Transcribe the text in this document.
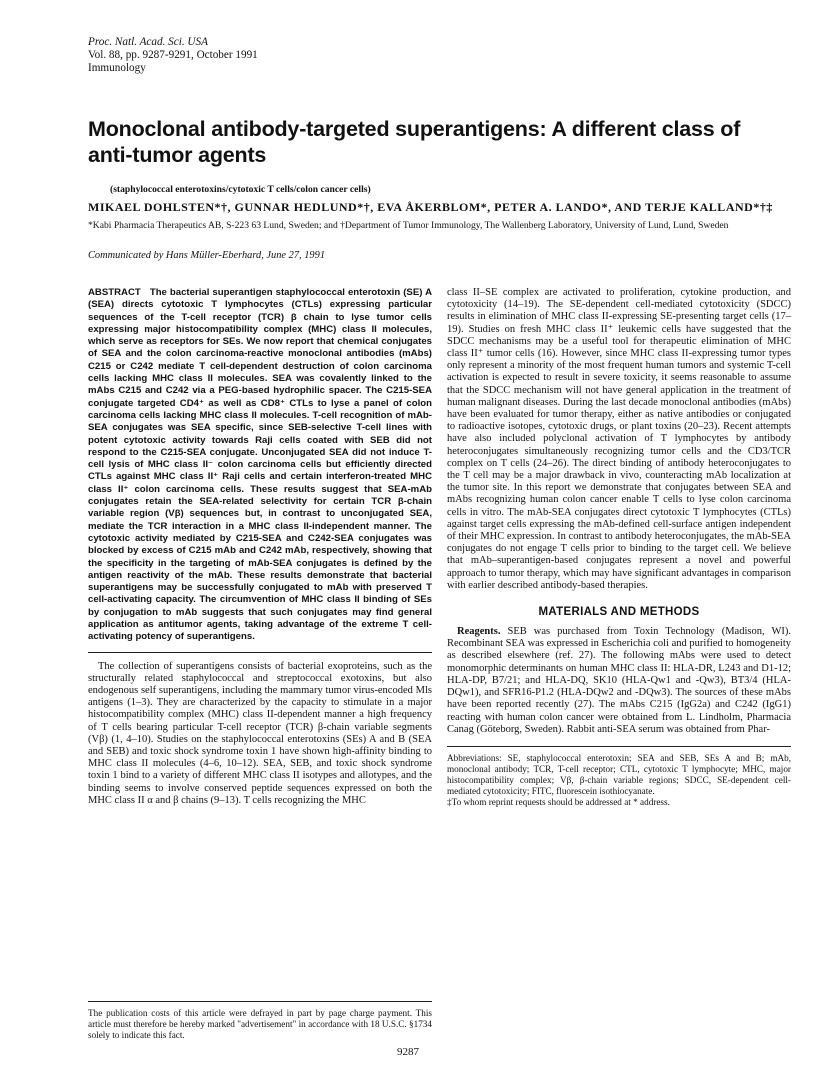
Proc. Natl. Acad. Sci. USA
Vol. 88, pp. 9287-9291, October 1991
Immunology
Monoclonal antibody-targeted superantigens: A different class of anti-tumor agents
(staphylococcal enterotoxins/cytotoxic T cells/colon cancer cells)
MIKAEL DOHLSTEN*†, GUNNAR HEDLUND*†, EVA ÅKERBLOM*, PETER A. LANDO*, AND TERJE KALLAND*†‡
*Kabi Pharmacia Therapeutics AB, S-223 63 Lund, Sweden; and †Department of Tumor Immunology, The Wallenberg Laboratory, University of Lund, Lund, Sweden
Communicated by Hans Müller-Eberhard, June 27, 1991

ABSTRACT The bacterial superantigen staphylococcal enterotoxin (SE) A (SEA) directs cytotoxic T lymphocytes (CTLs) expressing particular sequences of the T-cell receptor (TCR) β chain to lyse tumor cells expressing major histocompatibility complex (MHC) class II molecules, which serve as receptors for SEs. We now report that chemical conjugates of SEA and the colon carcinoma-reactive monoclonal antibodies (mAbs) C215 or C242 mediate T cell-dependent destruction of colon carcinoma cells lacking MHC class II molecules. SEA was covalently linked to the mAbs C215 and C242 via a PEG-based hydrophilic spacer. The C215-SEA conjugate targeted CD4⁺ as well as CD8⁺ CTLs to lyse a panel of colon carcinoma cells lacking MHC class II molecules. T-cell recognition of mAb-SEA conjugates was SEA specific, since SEB-selective T-cell lines with potent cytotoxic activity towards Raji cells coated with SEB did not respond to the C215-SEA conjugate. Unconjugated SEA did not induce T-cell lysis of MHC class II⁻ colon carcinoma cells but efficiently directed CTLs against MHC class II⁺ Raji cells and certain interferon-treated MHC class II⁺ colon carcinoma cells. These results suggest that SEA-mAb conjugates retain the SEA-related selectivity for certain TCR β-chain variable region (Vβ) sequences but, in contrast to unconjugated SEA, mediate the TCR interaction in a MHC class II-independent manner. The cytotoxic activity mediated by C215-SEA and C242-SEA conjugates was blocked by excess of C215 mAb and C242 mAb, respectively, showing that the specificity in the targeting of mAb-SEA conjugates is defined by the antigen reactivity of the mAb. These results demonstrate that bacterial superantigens may be successfully conjugated to mAb with preserved T cell-activating capacity. The circumvention of MHC class II binding of SEs by conjugation to mAb suggests that such conjugates may find general application as antitumor agents, taking advantage of the extreme T cell-activating potency of superantigens.

The collection of superantigens consists of bacterial exoproteins, such as the structurally related staphylococcal and streptococcal exotoxins, but also endogenous self superantigens, including the mammary tumor virus-encoded Mls antigens (1–3). They are characterized by the capacity to stimulate in a major histocompatibility complex (MHC) class II-dependent manner a high frequency of T cells bearing particular T-cell receptor (TCR) β-chain variable segments (Vβ) (1, 4–10). Studies on the staphylococcal enterotoxins (SEs) A and B (SEA and SEB) and toxic shock syndrome toxin 1 have shown high-affinity binding to MHC class II molecules (4–6, 10–12). SEA, SEB, and toxic shock syndrome toxin 1 bind to a variety of different MHC class II isotypes and allotypes, and the binding seems to involve conserved peptide sequences expressed on both the MHC class II α and β chains (9–13). T cells recognizing the MHC

The publication costs of this article were defrayed in part by page charge payment. This article must therefore be hereby marked "advertisement" in accordance with 18 U.S.C. §1734 solely to indicate this fact.

class II–SE complex are activated to proliferation, cytokine production, and cytotoxicity (14–19). The SE-dependent cell-mediated cytotoxicity (SDCC) results in elimination of MHC class II-expressing SE-presenting target cells (17–19). Studies on fresh MHC class II⁺ leukemic cells have suggested that the SDCC mechanisms may be a useful tool for therapeutic elimination of MHC class II⁺ tumor cells (16). However, since MHC class II-expressing tumor types only represent a minority of the most frequent human tumors and systemic T-cell activation is expected to result in severe toxicity, it seems reasonable to assume that the SDCC mechanism will not have general application in the treatment of human malignant diseases. During the last decade monoclonal antibodies (mAbs) have been evaluated for tumor therapy, either as native antibodies or conjugated to radioactive isotopes, cytotoxic drugs, or plant toxins (20–23). Recent attempts have also included polyclonal activation of T lymphocytes by antibody heteroconjugates simultaneously recognizing tumor cells and the CD3/TCR complex on T cells (24–26). The direct binding of antibody heteroconjugates to the T cell may be a major drawback in vivo, counteracting mAb localization at the tumor site. In this report we demonstrate that conjugates between SEA and mAbs recognizing human colon cancer enable T cells to lyse colon carcinoma cells in vitro. The mAb-SEA conjugates direct cytotoxic T lymphocytes (CTLs) against target cells expressing the mAb-defined cell-surface antigen independent of their MHC expression. In contrast to antibody heteroconjugates, the mAb-SEA conjugates do not engage T cells prior to binding to the target cell. We believe that mAb–superantigen-based conjugates represent a novel and powerful approach to tumor therapy, which may have significant advantages in comparison with earlier described antibody-based therapies.

MATERIALS AND METHODS

Reagents. SEB was purchased from Toxin Technology (Madison, WI). Recombinant SEA was expressed in Escherichia coli and purified to homogeneity as described elsewhere (ref. 27). The following mAbs were used to detect monomorphic determinants on human MHC class II: HLA-DR, L243 and D1-12; HLA-DP, B7/21; and HLA-DQ, SK10 (HLA-Qw1 and -Qw3), BT3/4 (HLA-DQw1), and SFR16-P1.2 (HLA-DQw2 and -DQw3). The sources of these mAbs have been reported recently (27). The mAbs C215 (IgG2a) and C242 (IgG1) reacting with human colon cancer were obtained from L. Lindholm, Pharmacia Canag (Göteborg, Sweden). Rabbit anti-SEA serum was obtained from Phar-

Abbreviations: SE, staphylococcal enterotoxin; SEA and SEB, SEs A and B; mAb, monoclonal antibody; TCR, T-cell receptor; CTL, cytotoxic T lymphocyte; MHC, major histocompatibility complex; Vβ, β-chain variable regions; SDCC, SE-dependent cell-mediated cytotoxicity; FITC, fluorescein isothiocyanate.

‡To whom reprint requests should be addressed at * address.

9287
